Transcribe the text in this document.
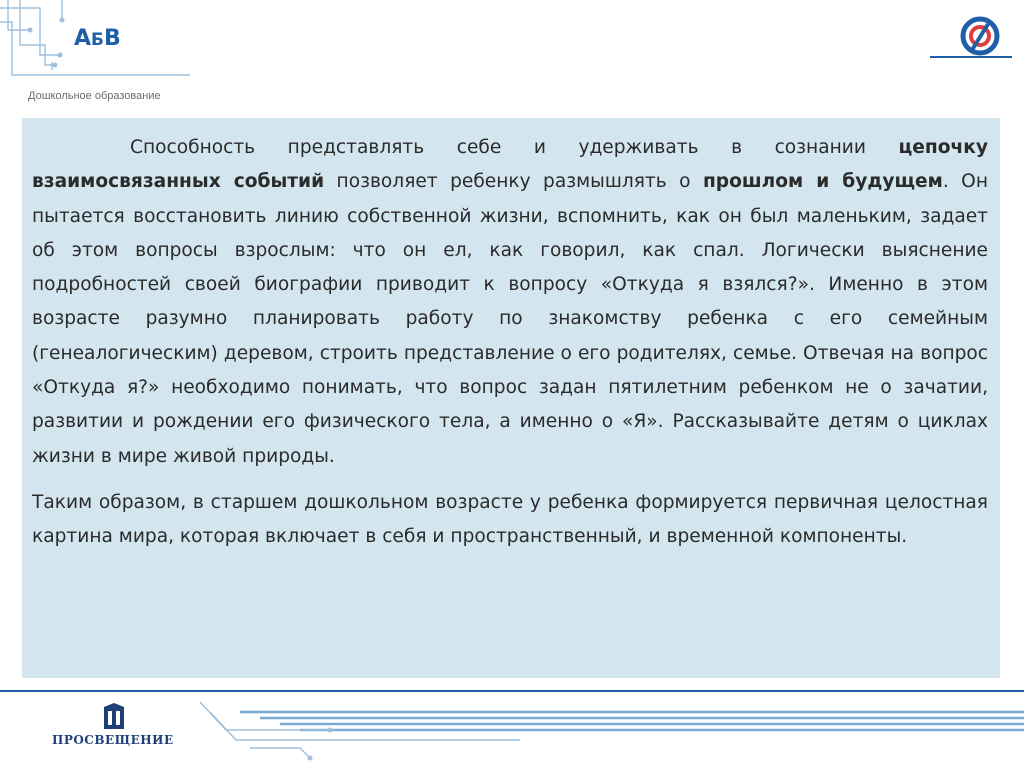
АБВ
Дошкольное образование

Способность представлять себе и удерживать в сознании цепочку взаимосвязанных событий позволяет ребенку размышлять о прошлом и будущем. Он пытается восстановить линию собственной жизни, вспомнить, как он был маленьким, задает об этом вопросы взрослым: что он ел, как говорил, как спал. Логически выяснение подробностей своей биографии приводит к вопросу «Откуда я взялся?». Именно в этом возрасте разумно планировать работу по знакомству ребенка с его семейным (генеалогическим) деревом, строить представление о его родителях, семье. Отвечая на вопрос «Откуда я?» необходимо понимать, что вопрос задан пятилетним ребенком не о зачатии, развитии и рождении его физического тела, а именно о «Я». Рассказывайте детям о циклах жизни в мире живой природы.

Таким образом, в старшем дошкольном возрасте у ребенка формируется первичная целостная картина мира, которая включает в себя и пространственный, и временной компоненты.

ПРОСВЕЩЕНИЕ
